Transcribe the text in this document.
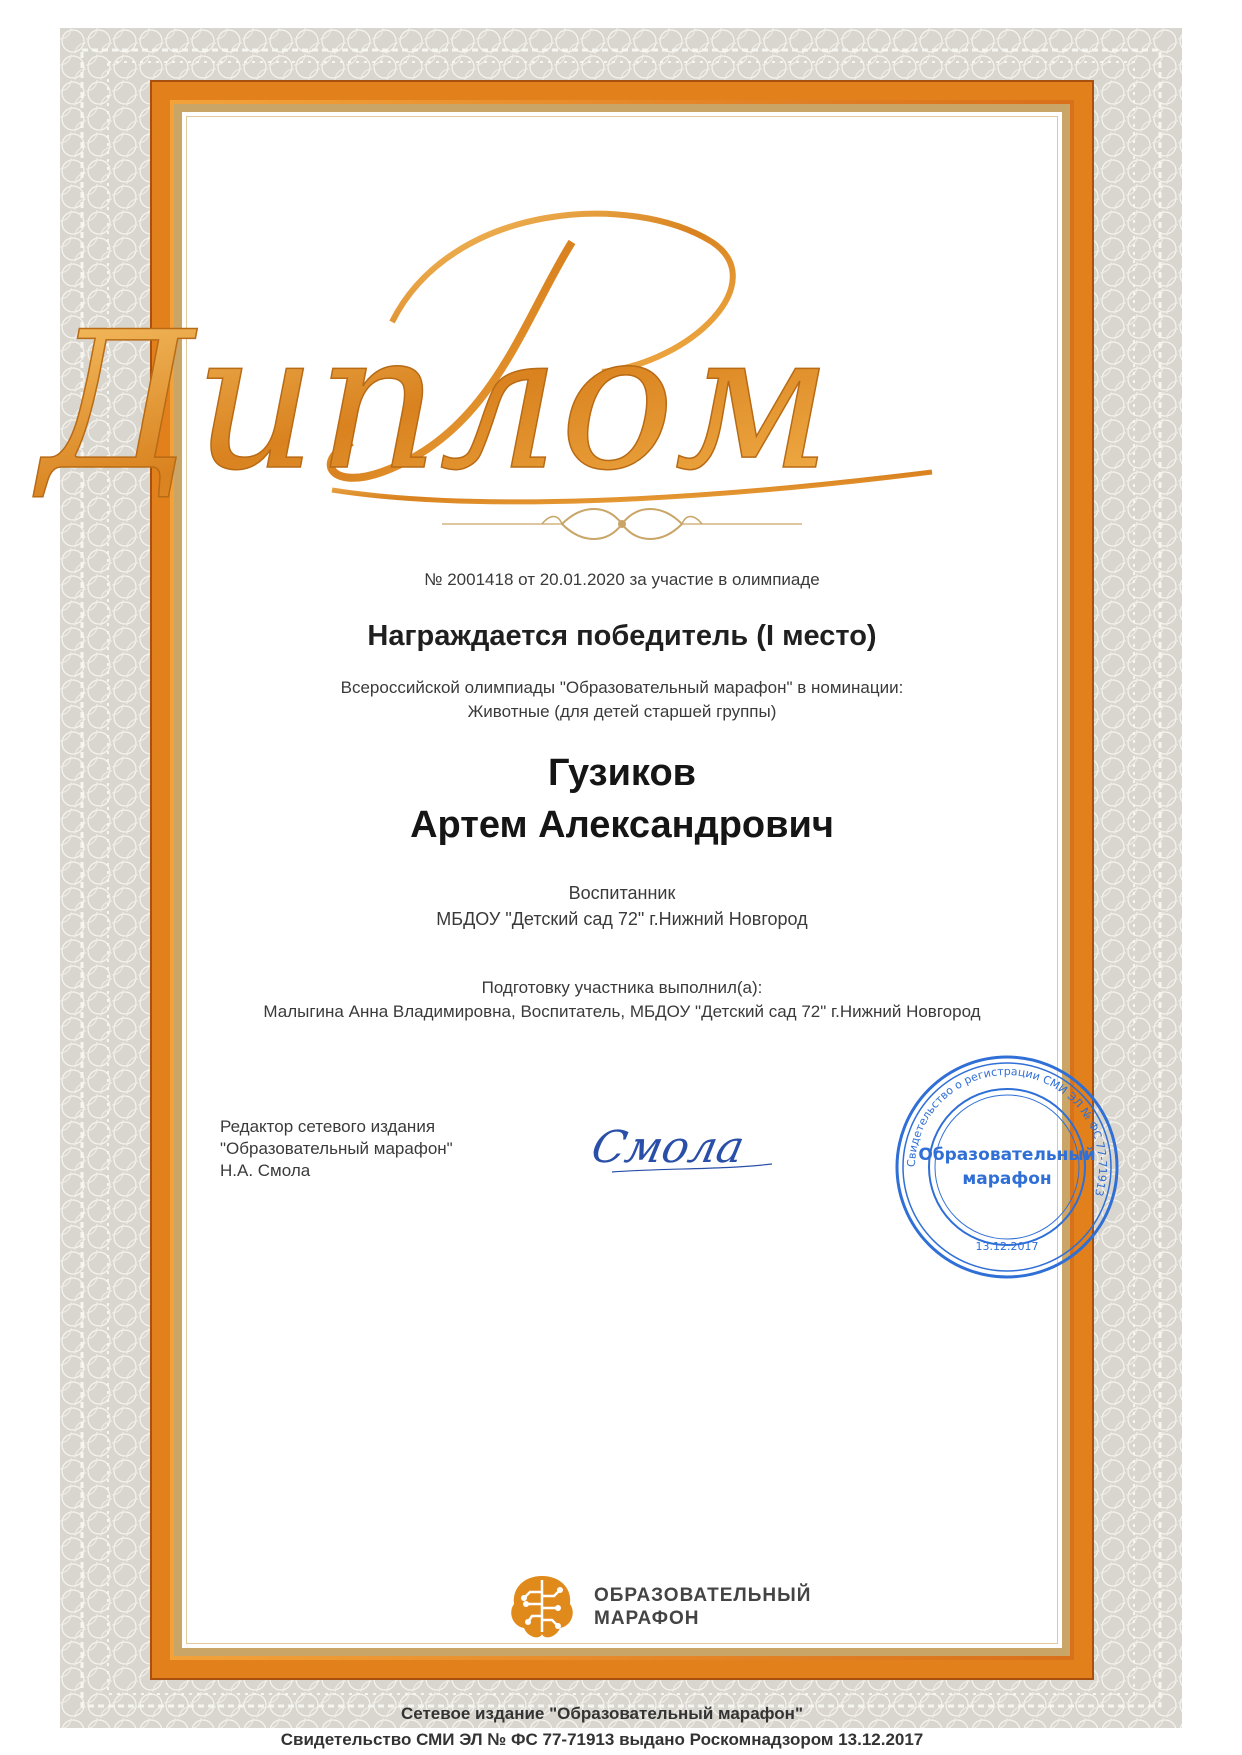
Диплом

№ 2001418 от 20.01.2020 за участие в олимпиаде

Награждается победитель (I место)

Всероссийской олимпиады "Образовательный марафон" в номинации:

Животные (для детей старшей группы)

Гузиков

Артем Александрович

Воспитанник

МБДОУ "Детский сад 72" г.Нижний Новгород

Подготовку участника выполнил(а):

Малыгина Анна Владимировна, Воспитатель, МБДОУ "Детский сад 72" г.Нижний Новгород

Редактор сетевого издания
"Образовательный марафон"
Н.А. Смола	Смола	Свидетельство о регистрации СМИ ЭЛ № ФС 77-71913
Образовательный
марафон
13.12.2017
ОБРАЗОВАТЕЛЬНЫЙ
МАРАФОН

Сетевое издание "Образовательный марафон"

Свидетельство СМИ ЭЛ № ФС 77-71913 выдано Роскомнадзором 13.12.2017
